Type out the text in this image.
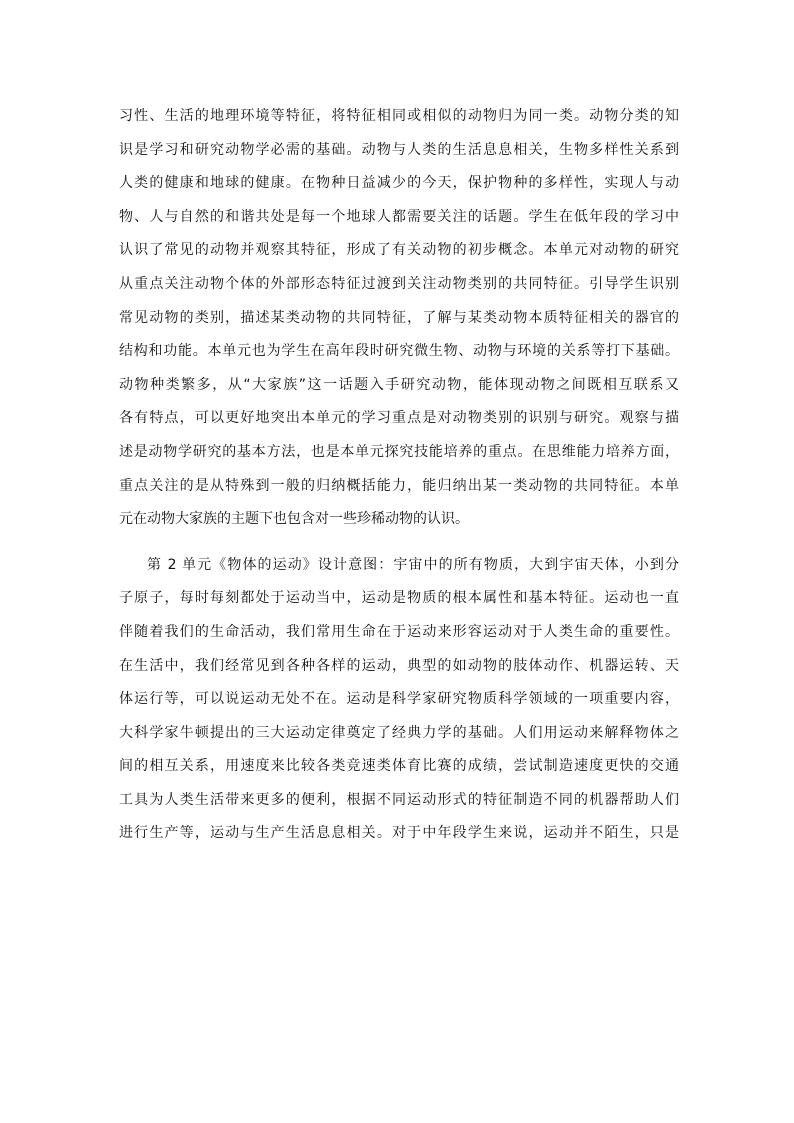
习性、生活的地理环境等特征，将特征相同或相似的动物归为同一类。动物分类的知
识是学习和研究动物学必需的基础。动物与人类的生活息息相关，生物多样性关系到
人类的健康和地球的健康。在物种日益减少的今天，保护物种的多样性，实现人与动
物、人与自然的和谐共处是每一个地球人都需要关注的话题。学生在低年段的学习中
认识了常见的动物并观察其特征，形成了有关动物的初步概念。本单元对动物的研究
从重点关注动物个体的外部形态特征过渡到关注动物类别的共同特征。引导学生识别
常见动物的类别，描述某类动物的共同特征，了解与某类动物本质特征相关的器官的
结构和功能。本单元也为学生在高年段时研究微生物、动物与环境的关系等打下基础。
动物种类繁多，从“大家族”这一话题入手研究动物，能体现动物之间既相互联系又
各有特点，可以更好地突出本单元的学习重点是对动物类别的识别与研究。观察与描
述是动物学研究的基本方法，也是本单元探究技能培养的重点。在思维能力培养方面，
重点关注的是从特殊到一般的归纳概括能力，能归纳出某一类动物的共同特征。本单
元在动物大家族的主题下也包含对一些珍稀动物的认识。
第 2 单元《物体的运动》设计意图：宇宙中的所有物质，大到宇宙天体，小到分
子原子，每时每刻都处于运动当中，运动是物质的根本属性和基本特征。运动也一直
伴随着我们的生命活动，我们常用生命在于运动来形容运动对于人类生命的重要性。
在生活中，我们经常见到各种各样的运动，典型的如动物的肢体动作、机器运转、天
体运行等，可以说运动无处不在。运动是科学家研究物质科学领域的一项重要内容，
大科学家牛顿提出的三大运动定律奠定了经典力学的基础。人们用运动来解释物体之
间的相互关系，用速度来比较各类竞速类体育比赛的成绩，尝试制造速度更快的交通
工具为人类生活带来更多的便利，根据不同运动形式的特征制造不同的机器帮助人们
进行生产等，运动与生产生活息息相关。对于中年段学生来说，运动并不陌生，只是
